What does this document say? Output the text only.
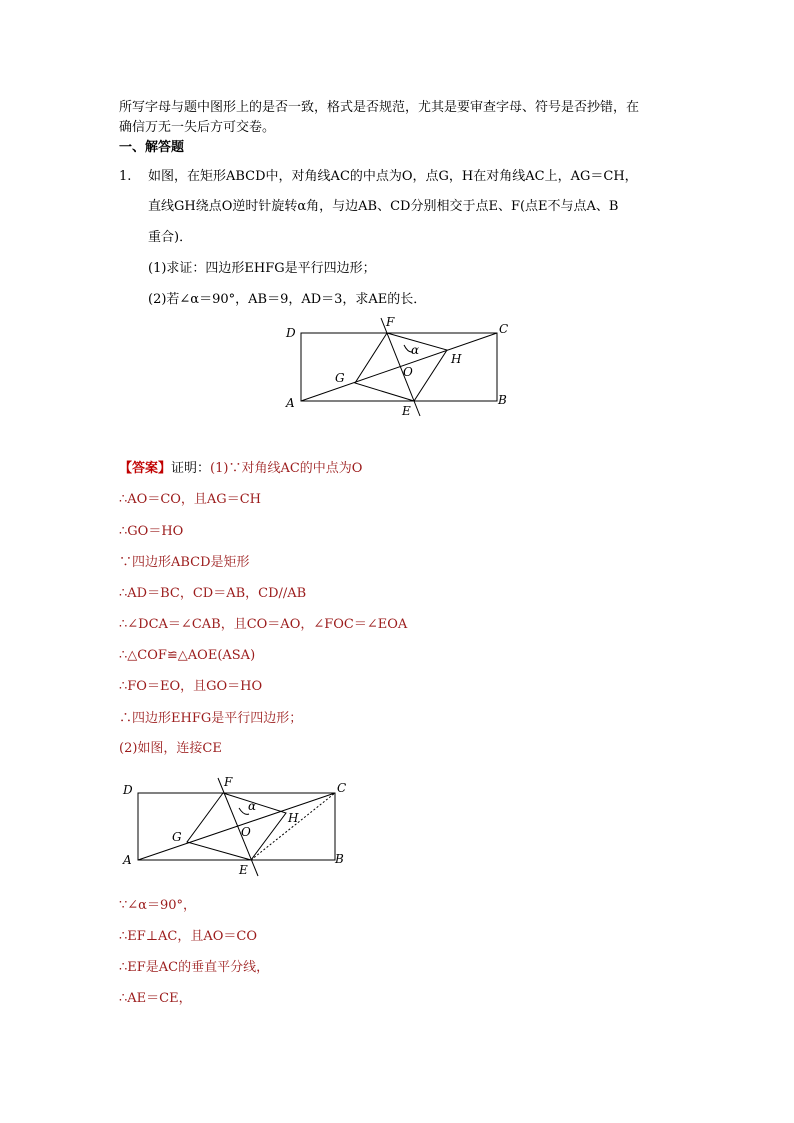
所写字母与题中图形上的是否一致，格式是否规范，尤其是要审查字母、符号是否抄错，在
确信万无一失后方可交卷。
一、解答题
1. 如图，在矩形ABCD中，对角线AC的中点为O，点G，H在对角线AC上，AG＝CH，
直线GH绕点O逆时针旋转α角，与边AB、CD分别相交于点E、F(点E不与点A、B
重合)．
(1)求证：四边形EHFG是平行四边形；
(2)若∠α＝90°，AB＝9，AD＝3，求AE的长．
D
F	C
α
H
O
G
A	B
E
【答案】证明：(1)∵对角线AC的中点为O
∴AO＝CO，且AG＝CH
∴GO＝HO
∵四边形ABCD是矩形
∴AD＝BC，CD＝AB，CD//AB
∴∠DCA＝∠CAB，且CO＝AO，∠FOC＝∠EOA
∴△COF≌△AOE(ASA)
∴FO＝EO，且GO＝HO
∴四边形EHFG是平行四边形；
(2)如图，连接CE
D
F	C
α
H
O
G
A	B
E
∵∠α＝90°，
∴EF⊥AC，且AO＝CO
∴EF是AC的垂直平分线，
∴AE＝CE，
